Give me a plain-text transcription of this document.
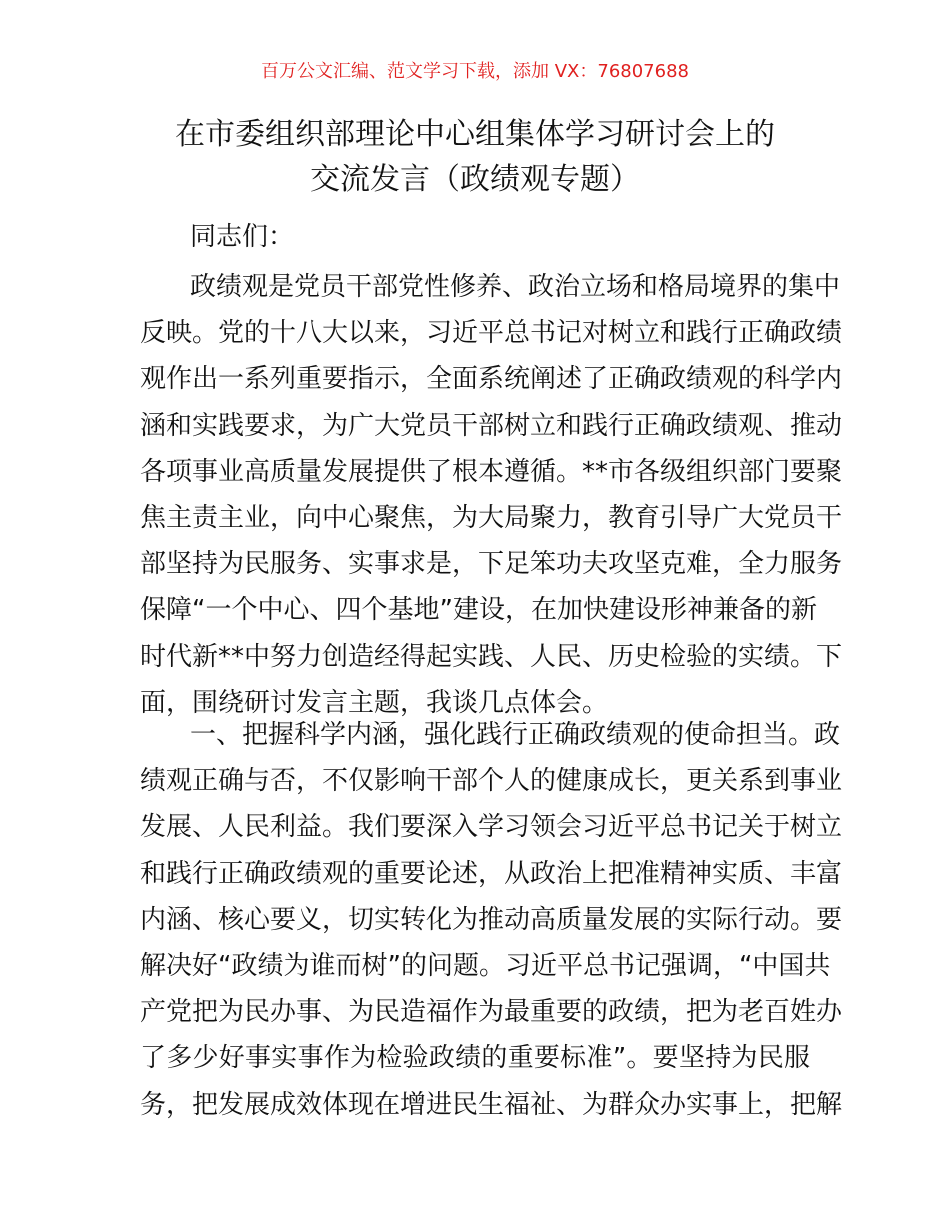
百万公文汇编、范文学习下载，添加 VX：76807688
在市委组织部理论中心组集体学习研讨会上的
交流发言（政绩观专题）
同志们：
政绩观是党员干部党性修养、政治立场和格局境界的集中
反映。党的十八大以来，习近平总书记对树立和践行正确政绩
观作出一系列重要指示，全面系统阐述了正确政绩观的科学内
涵和实践要求，为广大党员干部树立和践行正确政绩观、推动
各项事业高质量发展提供了根本遵循。**市各级组织部门要聚
焦主责主业，向中心聚焦，为大局聚力，教育引导广大党员干
部坚持为民服务、实事求是，下足笨功夫攻坚克难，全力服务
保障“一个中心、四个基地”建设，在加快建设形神兼备的新
时代新**中努力创造经得起实践、人民、历史检验的实绩。下
面，围绕研讨发言主题，我谈几点体会。
一、把握科学内涵，强化践行正确政绩观的使命担当。政
绩观正确与否，不仅影响干部个人的健康成长，更关系到事业
发展、人民利益。我们要深入学习领会习近平总书记关于树立
和践行正确政绩观的重要论述，从政治上把准精神实质、丰富
内涵、核心要义，切实转化为推动高质量发展的实际行动。要
解决好“政绩为谁而树”的问题。习近平总书记强调，“中国共
产党把为民办事、为民造福作为最重要的政绩，把为老百姓办
了多少好事实事作为检验政绩的重要标准”。要坚持为民服
务，把发展成效体现在增进民生福祉、为群众办实事上，把解
